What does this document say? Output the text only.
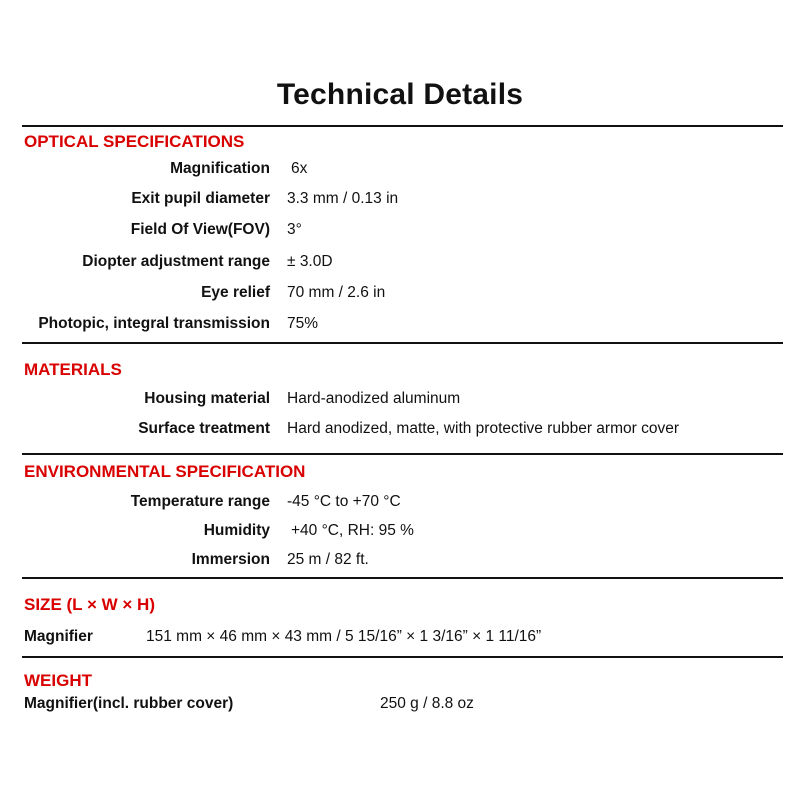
Technical Details
OPTICAL SPECIFICATIONS
Magnification 6x
Exit pupil diameter 3.3 mm / 0.13 in
Field Of View(FOV) 3°
Diopter adjustment range ± 3.0D
Eye relief 70 mm / 2.6 in
Photopic, integral transmission 75%
MATERIALS
Housing material Hard-anodized aluminum
Surface treatment Hard anodized, matte, with protective rubber armor cover
ENVIRONMENTAL SPECIFICATION
Temperature range -45 °C to +70 °C
Humidity +40 °C, RH: 95 %
Immersion 25 m / 82 ft.
SIZE (L × W × H)
Magnifier	151 mm × 46 mm × 43 mm / 5 15/16” × 1 3/16” × 1 11/16”
WEIGHT
Magnifier(incl. rubber cover)	250 g / 8.8 oz
